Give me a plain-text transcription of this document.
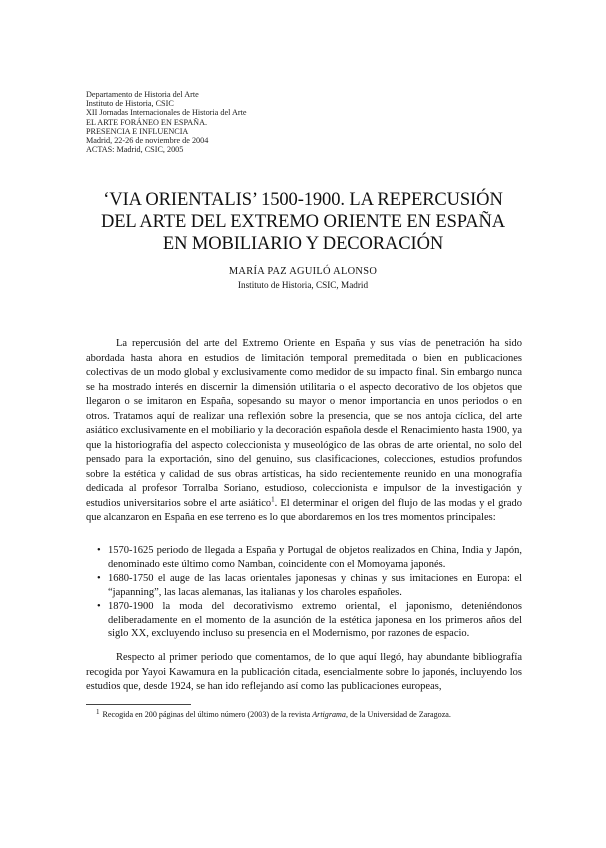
Departamento de Historia del Arte
Instituto de Historia, CSIC
XII Jornadas Internacionales de Historia del Arte
EL ARTE FORÁNEO EN ESPAÑA.
PRESENCIA E INFLUENCIA
Madrid, 22-26 de noviembre de 2004
ACTAS: Madrid, CSIC, 2005
‘VIA ORIENTALIS’ 1500-1900. LA REPERCUSIÓN
DEL ARTE DEL EXTREMO ORIENTE EN ESPAÑA
EN MOBILIARIO Y DECORACIÓN
MARÍA PAZ AGUILÓ ALONSO
Instituto de Historia, CSIC, Madrid
La repercusión del arte del Extremo Oriente en España y sus vías de penetración ha sido abordada hasta ahora en estudios de limitación temporal premeditada o bien en publicaciones colectivas de un modo global y exclusivamente como medidor de su impacto final. Sin embargo nunca se ha mostrado interés en discernir la dimensión utilitaria o el aspecto decorativo de los objetos que llegaron o se imitaron en España, sopesando su mayor o menor importancia en unos periodos o en otros. Tratamos aquí de realizar una reflexión sobre la presencia, que se nos antoja cíclica, del arte asiático exclusivamente en el mobiliario y la decoración española desde el Renacimiento hasta 1900, ya que la historiografía del aspecto coleccionista y museológico de las obras de arte oriental, no solo del pensado para la exportación, sino del genuino, sus clasificaciones, colecciones, estudios profundos sobre la estética y calidad de sus obras artísticas, ha sido recientemente reunido en una monografía dedicada al profesor Torralba Soriano, estudioso, coleccionista e impulsor de la investigación y estudios universitarios sobre el arte asiático$^1$. El determinar el origen del flujo de las modas y el grado que alcanzaron en España en ese terreno es lo que abordaremos en los tres momentos principales:
• 1570-1625 periodo de llegada a España y Portugal de objetos realizados en China, India y Japón, denominado este último como Namban, coincidente con el Momoyama japonés.
• 1680-1750 el auge de las lacas orientales japonesas y chinas y sus imitaciones en Europa: el “japanning”, las lacas alemanas, las italianas y los charoles españoles.
• 1870-1900 la moda del decorativismo extremo oriental, el japonismo, deteniéndonos deliberadamente en el momento de la asunción de la estética japonesa en los primeros años del siglo XX, excluyendo incluso su presencia en el Modernismo, por razones de espacio.
Respecto al primer periodo que comentamos, de lo que aquí llegó, hay abundante bibliografía recogida por Yayoi Kawamura en la publicación citada, esencialmente sobre lo japonés, incluyendo los estudios que, desde 1924, se han ido reflejando así como las publicaciones europeas,
1 Recogida en 200 páginas del último número (2003) de la revista Artigrama, de la Universidad de Zaragoza.
